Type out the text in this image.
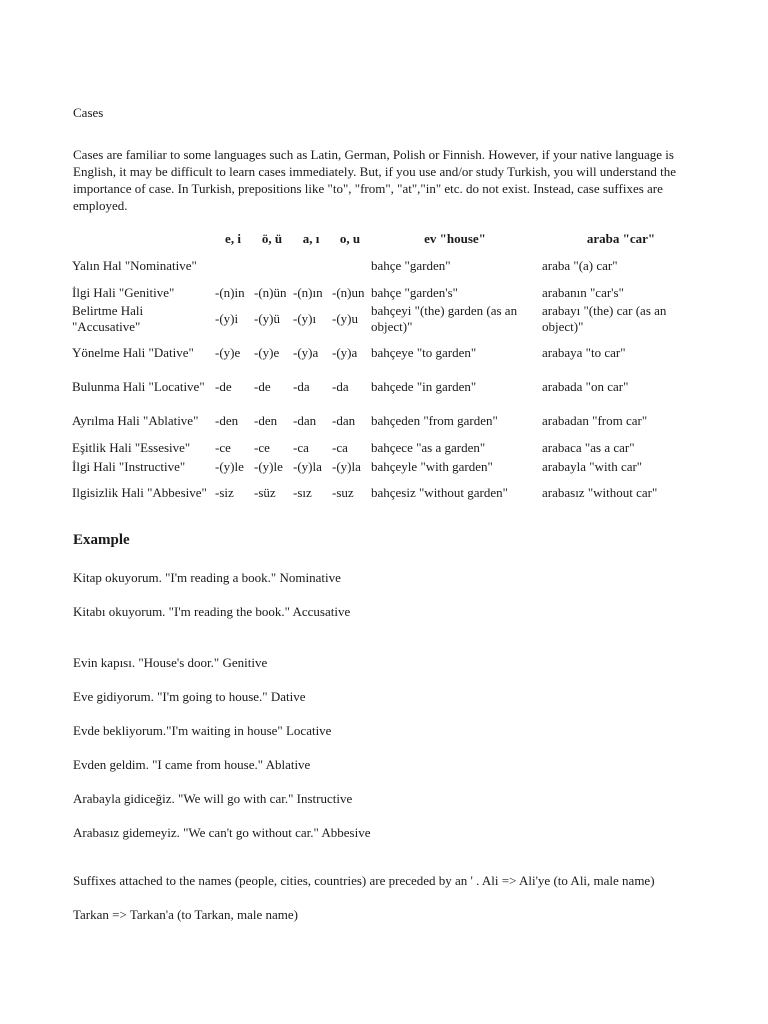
Cases

Cases are familiar to some languages such as Latin, German, Polish or Finnish. However, if your native language is English, it may be difficult to learn cases immediately. But, if you use and/or study Turkish, you will understand the importance of case. In Turkish, prepositions like "to", "from", "at","in" etc. do not exist. Instead, case suffixes are employed.

	e, i	ö, ü	a, ı	o, u	ev "house"	araba "car"
Yalın Hal "Nominative"					bahçe "garden"	araba "(a) car"
İlgi Hali "Genitive"	-(n)in	-(n)ün	-(n)ın	-(n)un	bahçe "garden's"	arabanın "car's"
Belirtme Hali "Accusative"	-(y)i	-(y)ü	-(y)ı	-(y)u	bahçeyi "(the) garden (as an object)"	arabayı "(the) car (as an object)"
Yönelme Hali "Dative"	-(y)e	-(y)e	-(y)a	-(y)a	bahçeye "to garden"	arabaya "to car"
Bulunma Hali "Locative"	-de	-de	-da	-da	bahçede "in garden"	arabada "on car"
Ayrılma Hali "Ablative"	-den	-den	-dan	-dan	bahçeden "from garden"	arabadan "from car"
Eşitlik Hali "Essesive"	-ce	-ce	-ca	-ca	bahçece "as a garden"	arabaca "as a car"
İlgi Hali "Instructive"	-(y)le	-(y)le	-(y)la	-(y)la	bahçeyle "with garden"	arabayla "with car"
Ilgisizlik Hali "Abbesive"	-siz	-süz	-sız	-suz	bahçesiz "without garden"	arabasız "without car"

Example

Kitap okuyorum. "I'm reading a book." Nominative

Kitabı okuyorum. "I'm reading the book." Accusative

Evin kapısı. "House's door." Genitive

Eve gidiyorum. "I'm going to house." Dative

Evde bekliyorum."I'm waiting in house" Locative

Evden geldim. "I came from house." Ablative

Arabayla gidiceğiz. "We will go with car." Instructive

Arabasız gidemeyiz. "We can't go without car." Abbesive

Suffixes attached to the names (people, cities, countries) are preceded by an ' . Ali => Ali'ye (to Ali, male name)

Tarkan => Tarkan'a (to Tarkan, male name)
